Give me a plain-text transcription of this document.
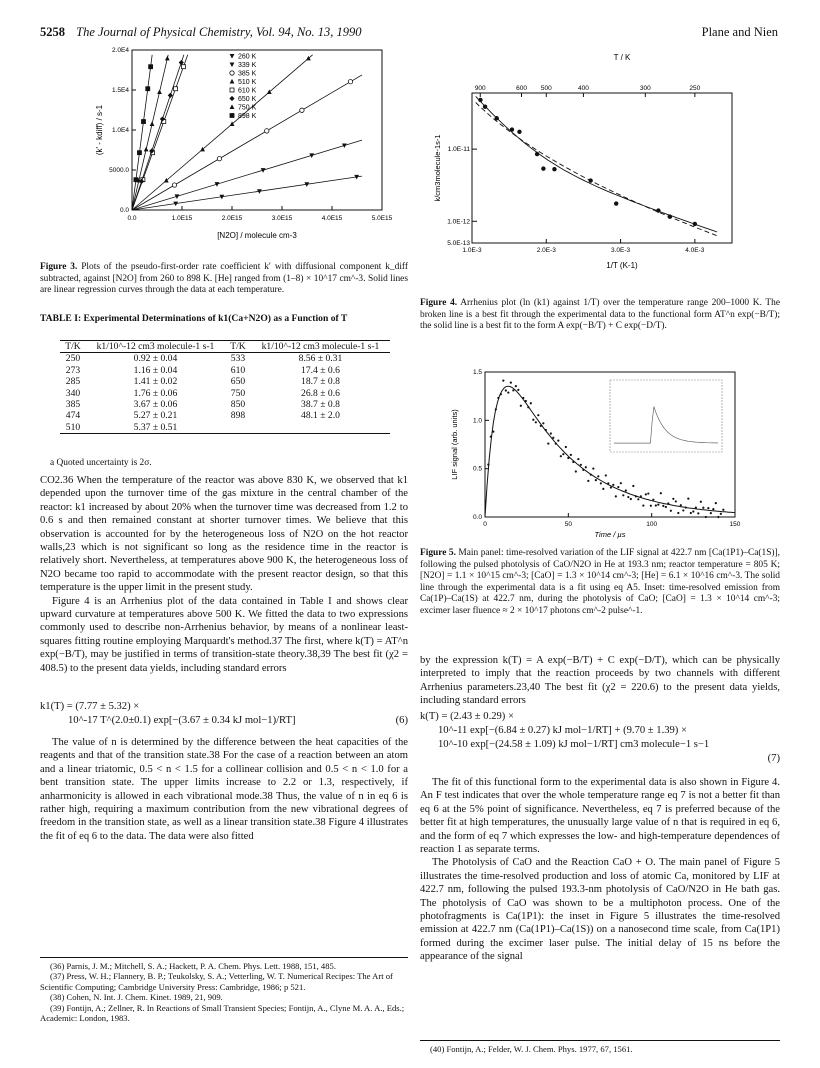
5258 The Journal of Physical Chemistry, Vol. 94, No. 13, 1990	Plane and Nien
0.0	1.0E15	2.0E15	3.0E15	4.0E15	5.0E15
0.0
5000.0
1.0E4
1.5E4
2.0E4
[N2O] / molecule cm-3
(k' - kdiff) / s-1
260 K
339 K
385 K
510 K
610 K
650 K
750 K
898 K
Figure 3. Plots of the pseudo-first-order rate coefficient k′ with diffusional component k_diff subtracted, against [N2O] from 260 to 898 K. [He] ranged from (1–8) × 10^17 cm^-3. Solid lines are linear regression curves through the data at each temperature.
TABLE I: Experimental Determinations of k1(Ca+N2O) as a Function of T
T/K	k1/10^-12 cm3 molecule-1 s-1	T/K	k1/10^-12 cm3 molecule-1 s-1

250	0.92 ± 0.04	533	8.56 ± 0.31
273	1.16 ± 0.04	610	17.4 ± 0.6
285	1.41 ± 0.02	650	18.7 ± 0.8
340	1.76 ± 0.06	750	26.8 ± 0.6
385	3.67 ± 0.06	850	38.7 ± 0.8
474	5.27 ± 0.21	898	48.1 ± 2.0
510	5.37 ± 0.51		
a Quoted uncertainty is 2σ.

CO2.36 When the temperature of the reactor was above 830 K, we observed that k1 depended upon the turnover time of the gas mixture in the central chamber of the reactor: k1 increased by about 20% when the turnover time was decreased from 1.2 to 0.6 s and then remained constant at shorter turnover times. We believe that this observation is accounted for by the heterogeneous loss of N2O on the hot reactor walls,23 which is not significant so long as the residence time in the reactor is relatively short. Nevertheless, at temperatures above 900 K, the heterogeneous loss of N2O became too rapid to accommodate with the present reactor design, so that this temperature is the upper limit in the present study.

Figure 4 is an Arrhenius plot of the data contained in Table I and shows clear upward curvature at temperatures above 500 K. We fitted the data to two expressions commonly used to describe non-Arrhenius behavior, by means of a nonlinear least-squares fitting routine employing Marquardt's method.37 The first, where k(T) = AT^n exp(−B/T), may be justified in terms of transition-state theory.38,39 The best fit (χ2 = 408.5) to the present data yields, including standard errors

k1(T) = (7.77 ± 5.32) ×
10^-17 T^(2.0±0.1) exp[−(3.67 ± 0.34 kJ mol−1)/RT]	(6)

The value of n is determined by the difference between the heat capacities of the reagents and that of the transition state.38 For the case of a reaction between an atom and a linear triatomic, 0.5 < n < 1.5 for a collinear collision and 0.5 < n < 1.0 for a bent transition state. The upper limits increase to 2.2 or 1.3, respectively, if anharmonicity is allowed in each vibrational mode.38 Thus, the value of n in eq 6 is rather high, requiring a maximum contribution from the new vibrational degrees of freedom in the transition state, as well as a linear transition state.38 Figure 4 illustrates the fit of eq 6 to the data. The data were also fitted

(36) Parnis, J. M.; Mitchell, S. A.; Hackett, P. A. Chem. Phys. Lett. 1988, 151, 485.
(37) Press, W. H.; Flannery, B. P.; Teukolsky, S. A.; Vetterling, W. T. Numerical Recipes: The Art of Scientific Computing; Cambridge University Press: Cambridge, 1986; p 521.
(38) Cohen, N. Int. J. Chem. Kinet. 1989, 21, 909.
(39) Fontijn, A.; Zellner, R. In Reactions of Small Transient Species; Fontijn, A., Clyne M. A. A., Eds.; Academic: London, 1983.
T / K
900	600 500	400	300	250
1.0E-3	2.0E-3	3.0E-3	4.0E-3
5.0E-13
1.0E-12
1.0E-11
1/T (K-1)
k/cm3molecule-1s-1
Figure 4. Arrhenius plot (ln (k1) against 1/T) over the temperature range 200–1000 K. The broken line is a best fit through the experimental data to the functional form AT^n exp(−B/T); the solid line is a best fit to the form A exp(−B/T) + C exp(−D/T).
0	50	100	150
0.0
0.5
1.0
1.5
Time / µs
LIF signal (arb. units)
Figure 5. Main panel: time-resolved variation of the LIF signal at 422.7 nm [Ca(1P1)–Ca(1S)], following the pulsed photolysis of CaO/N2O in He at 193.3 nm; reactor temperature = 805 K; [N2O] = 1.1 × 10^15 cm^-3; [CaO] = 1.3 × 10^14 cm^-3; [He] = 6.1 × 10^16 cm^-3. The solid line through the experimental data is a fit using eq A5. Inset: time-resolved emission from Ca(1P)–Ca(1S) at 422.7 nm, during the photolysis of CaO; [CaO] = 1.3 × 10^14 cm^-3; excimer laser fluence ≈ 2 × 10^17 photons cm^-2 pulse^-1.

by the expression k(T) = A exp(−B/T) + C exp(−D/T), which can be physically interpreted to imply that the reaction proceeds by two channels with different Arrhenius parameters.23,40 The best fit (χ2 = 220.6) to the present data yields, including standard errors

k(T) = (2.43 ± 0.29) ×
10^-11 exp[−(6.84 ± 0.27) kJ mol−1/RT] + (9.70 ± 1.39) ×
10^-10 exp[−(24.58 ± 1.09) kJ mol−1/RT] cm3 molecule−1 s−1
(7)

The fit of this functional form to the experimental data is also shown in Figure 4. An F test indicates that over the whole temperature range eq 7 is not a better fit than eq 6 at the 5% point of significance. Nevertheless, eq 7 is preferred because of the better fit at high temperatures, the unusually large value of n that is required in eq 6, and the form of eq 7 which expresses the low- and high-temperature dependences of reaction 1 as separate terms.

The Photolysis of CaO and the Reaction CaO + O. The main panel of Figure 5 illustrates the time-resolved production and loss of atomic Ca, monitored by LIF at 422.7 nm, following the pulsed 193.3-nm photolysis of CaO/N2O in He bath gas. The photolysis of CaO was shown to be a multiphoton process. One of the photofragments is Ca(1P1): the inset in Figure 5 illustrates the time-resolved emission at 422.7 nm (Ca(1P1)–Ca(1S)) on a nanosecond time scale, from Ca(1P1) formed during the excimer laser pulse. The initial delay of 15 ns before the appearance of the signal

(40) Fontijn, A.; Felder, W. J. Chem. Phys. 1977, 67, 1561.
